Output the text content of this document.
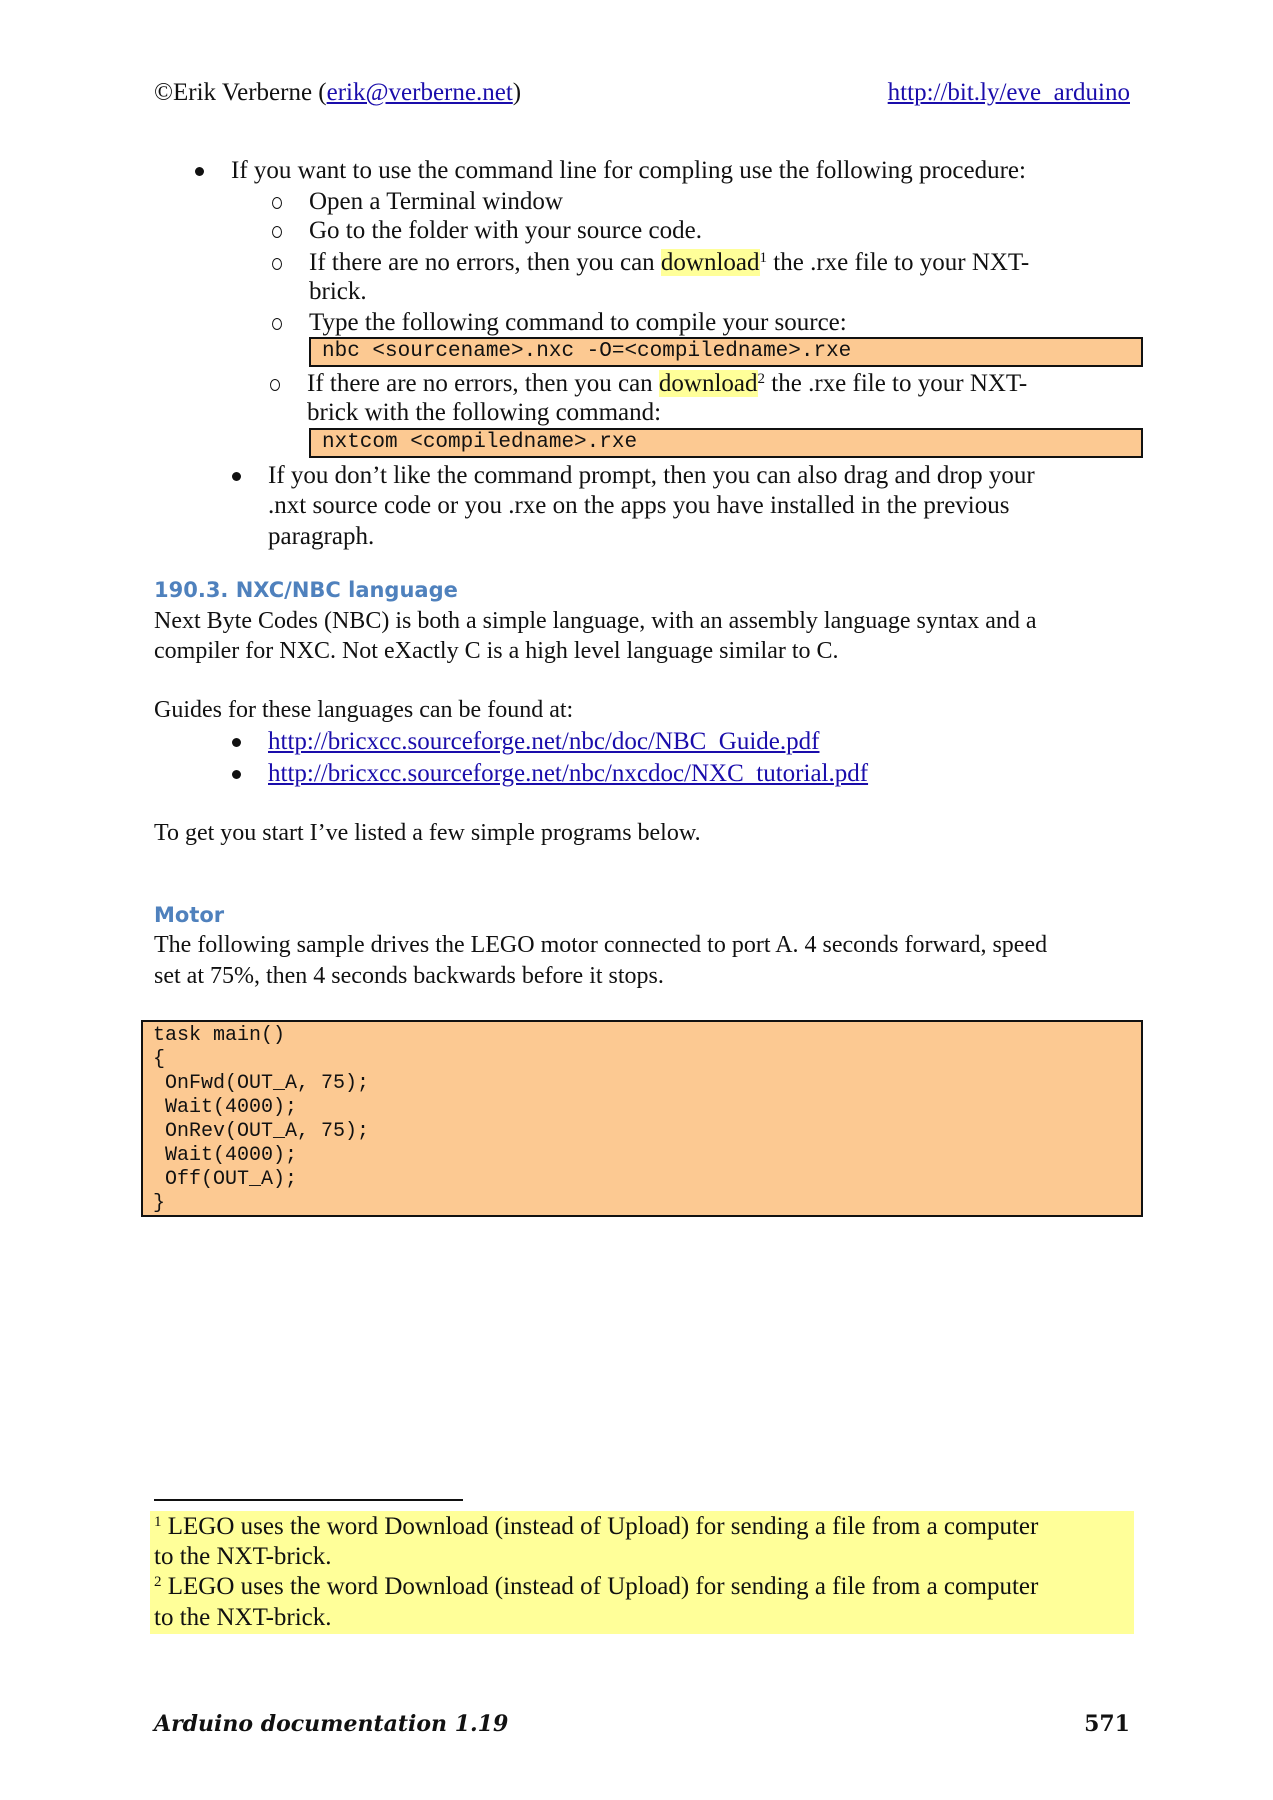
©Erik Verberne (erik@verberne.net)	http://bit.ly/eve_arduino
If you want to use the command line for compling use the following procedure:
Open a Terminal window
Go to the folder with your source code.
If there are no errors, then you can download$^1$ the .rxe file to your NXT-
brick.
Type the following command to compile your source:
nbc <sourcename>.nxc -O=<compiledname>.rxe
If there are no errors, then you can download$^2$ the .rxe file to your NXT-
brick with the following command:
nxtcom <compiledname>.rxe
If you don’t like the command prompt, then you can also drag and drop your
.nxt source code or you .rxe on the apps you have installed in the previous
paragraph.
190.3. NXC/NBC language
Next Byte Codes (NBC) is both a simple language, with an assembly language syntax and a
compiler for NXC. Not eXactly C is a high level language similar to C.
Guides for these languages can be found at:
http://bricxcc.sourceforge.net/nbc/doc/NBC_Guide.pdf
http://bricxcc.sourceforge.net/nbc/nxcdoc/NXC_tutorial.pdf
To get you start I’ve listed a few simple programs below.
Motor
The following sample drives the LEGO motor connected to port A. 4 seconds forward, speed
set at 75%, then 4 seconds backwards before it stops.
task main()
{
OnFwd(OUT_A, 75);
Wait(4000);
OnRev(OUT_A, 75);
Wait(4000);
Off(OUT_A);
}
$^1$ LEGO uses the word Download (instead of Upload) for sending a file from a computer
to the NXT-brick.
$^2$ LEGO uses the word Download (instead of Upload) for sending a file from a computer
to the NXT-brick.
Arduino documentation 1.19	571
